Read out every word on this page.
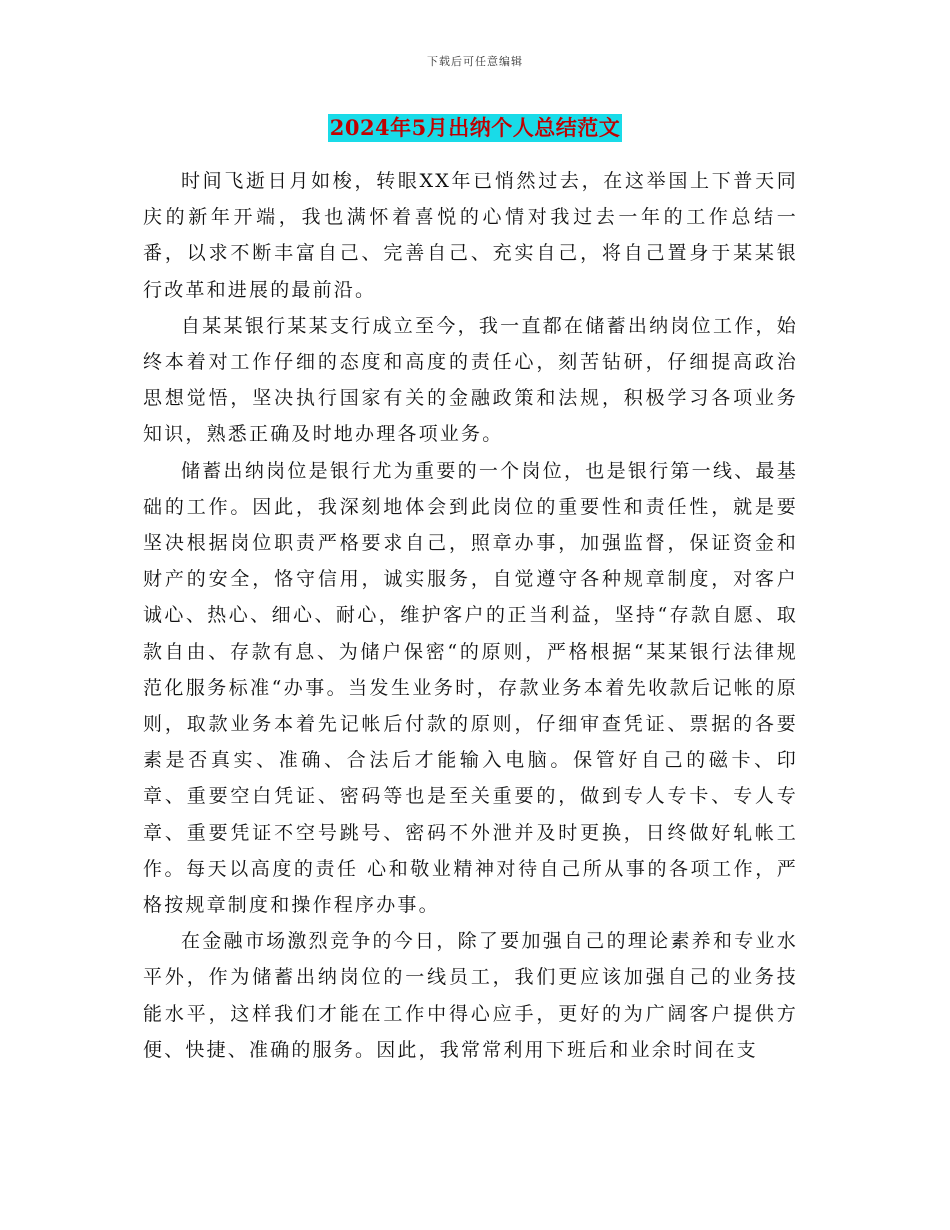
下载后可任意编辑
2024年5月出纳个人总结范文

时间飞逝日月如梭，转眼XX年已悄然过去，在这举国上下普天同庆的新年开端，我也满怀着喜悦的心情对我过去一年的工作总结一番，以求不断丰富自己、完善自己、充实自己，将自己置身于某某银行改革和进展的最前沿。

自某某银行某某支行成立至今，我一直都在储蓄出纳岗位工作，始终本着对工作仔细的态度和高度的责任心，刻苦钻研，仔细提高政治思想觉悟，坚决执行国家有关的金融政策和法规，积极学习各项业务知识，熟悉正确及时地办理各项业务。

储蓄出纳岗位是银行尤为重要的一个岗位，也是银行第一线、最基础的工作。因此，我深刻地体会到此岗位的重要性和责任性，就是要坚决根据岗位职责严格要求自己，照章办事，加强监督，保证资金和财产的安全，恪守信用，诚实服务，自觉遵守各种规章制度，对客户诚心、热心、细心、耐心，维护客户的正当利益，坚持“存款自愿、取款自由、存款有息、为储户保密“的原则，严格根据“某某银行法律规范化服务标准“办事。当发生业务时，存款业务本着先收款后记帐的原则，取款业务本着先记帐后付款的原则，仔细审查凭证、票据的各要素是否真实、准确、合法后才能输入电脑。保管好自己的磁卡、印章、重要空白凭证、密码等也是至关重要的，做到专人专卡、专人专章、重要凭证不空号跳号、密码不外泄并及时更换，日终做好轧帐工作。每天以高度的责任 心和敬业精神对待自己所从事的各项工作，严格按规章制度和操作程序办事。

在金融市场激烈竞争的今日，除了要加强自己的理论素养和专业水平外，作为储蓄出纳岗位的一线员工，我们更应该加强自己的业务技能水平，这样我们才能在工作中得心应手，更好的为广阔客户提供方便、快捷、准确的服务。因此，我常常利用下班后和业余时间在支
